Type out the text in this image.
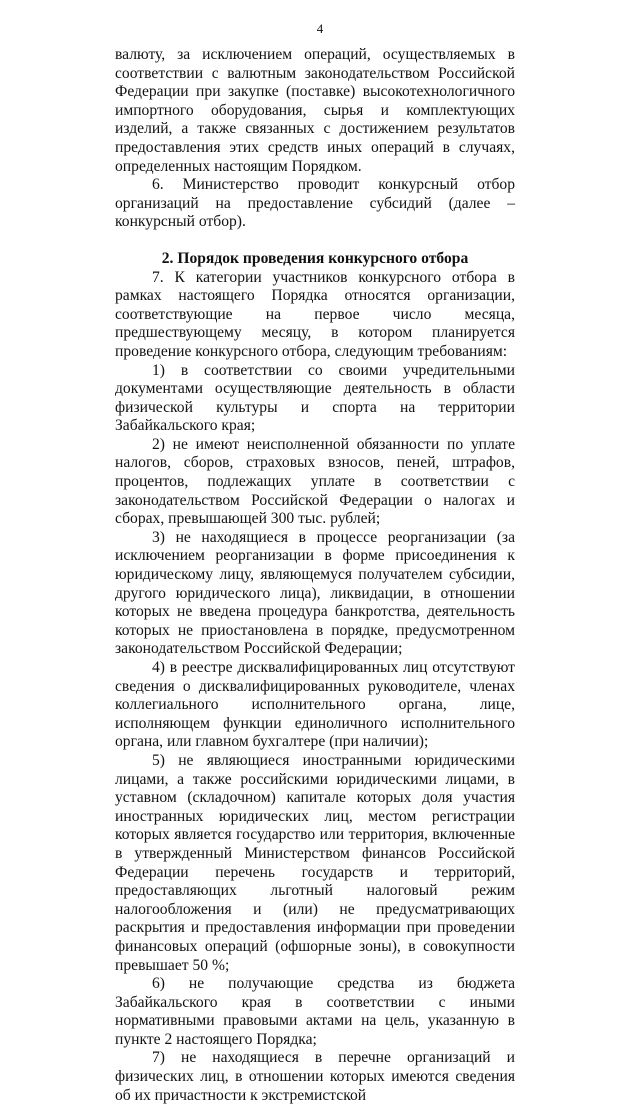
4

валюту, за исключением операций, осуществляемых в соответствии с валютным законодательством Российской Федерации при закупке (поставке) высокотехнологичного импортного оборудования, сырья и комплектующих изделий, а также связанных с достижением результатов предоставления этих средств иных операций в случаях, определенных настоящим Порядком.

6. Министерство проводит конкурсный отбор организаций на предоставление субсидий (далее – конкурсный отбор).

2. Порядок проведения конкурсного отбора

7. К категории участников конкурсного отбора в рамках настоящего Порядка относятся организации, соответствующие на первое число месяца, предшествующему месяцу, в котором планируется проведение конкурсного отбора, следующим требованиям:

1) в соответствии со своими учредительными документами осуществляющие деятельность в области физической культуры и спорта на территории Забайкальского края;

2) не имеют неисполненной обязанности по уплате налогов, сборов, страховых взносов, пеней, штрафов, процентов, подлежащих уплате в соответствии с законодательством Российской Федерации о налогах и сборах, превышающей 300 тыс. рублей;

3) не находящиеся в процессе реорганизации (за исключением реорганизации в форме присоединения к юридическому лицу, являющемуся получателем субсидии, другого юридического лица), ликвидации, в отношении которых не введена процедура банкротства, деятельность которых не приостановлена в порядке, предусмотренном законодательством Российской Федерации;

4) в реестре дисквалифицированных лиц отсутствуют сведения о дисквалифицированных руководителе, членах коллегиального исполнительного органа, лице, исполняющем функции единоличного исполнительного органа, или главном бухгалтере (при наличии);

5) не являющиеся иностранными юридическими лицами, а также российскими юридическими лицами, в уставном (складочном) капитале которых доля участия иностранных юридических лиц, местом регистрации которых является государство или территория, включенные в утвержденный Министерством финансов Российской Федерации перечень государств и территорий, предоставляющих льготный налоговый режим налогообложения и (или) не предусматривающих раскрытия и предоставления информации при проведении финансовых операций (офшорные зоны), в совокупности превышает 50 %;

6) не получающие средства из бюджета Забайкальского края в соответствии с иными нормативными правовыми актами на цель, указанную в пункте 2 настоящего Порядка;

7) не находящиеся в перечне организаций и физических лиц, в отношении которых имеются сведения об их причастности к экстремистской
